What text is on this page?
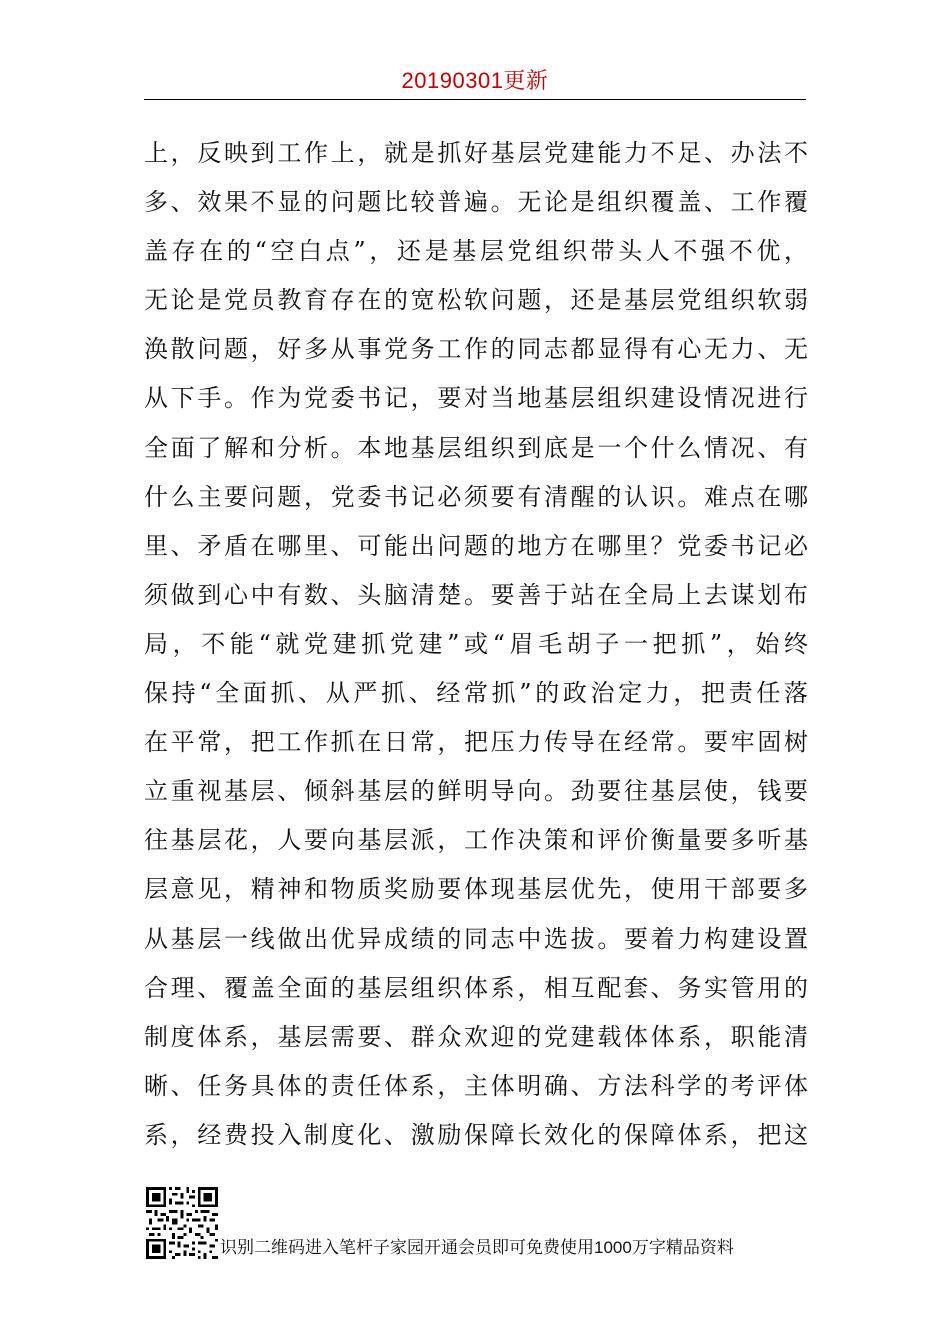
20190301更新
上，反映到工作上，就是抓好基层党建能力不足、办法不
多、效果不显的问题比较普遍。无论是组织覆盖、工作覆
盖存在的“空白点”，还是基层党组织带头人不强不优，
无论是党员教育存在的宽松软问题，还是基层党组织软弱
涣散问题，好多从事党务工作的同志都显得有心无力、无
从下手。作为党委书记，要对当地基层组织建设情况进行
全面了解和分析。本地基层组织到底是一个什么情况、有
什么主要问题，党委书记必须要有清醒的认识。难点在哪
里、矛盾在哪里、可能出问题的地方在哪里？党委书记必
须做到心中有数、头脑清楚。要善于站在全局上去谋划布
局，不能“就党建抓党建”或“眉毛胡子一把抓”，始终
保持“全面抓、从严抓、经常抓”的政治定力，把责任落
在平常，把工作抓在日常，把压力传导在经常。要牢固树
立重视基层、倾斜基层的鲜明导向。劲要往基层使，钱要
往基层花，人要向基层派，工作决策和评价衡量要多听基
层意见，精神和物质奖励要体现基层优先，使用干部要多
从基层一线做出优异成绩的同志中选拔。要着力构建设置
合理、覆盖全面的基层组织体系，相互配套、务实管用的
制度体系，基层需要、群众欢迎的党建载体体系，职能清
晰、任务具体的责任体系，主体明确、方法科学的考评体
系，经费投入制度化、激励保障长效化的保障体系，把这
识别二维码进入笔杆子家园开通会员即可免费使用1000万字精品资料
